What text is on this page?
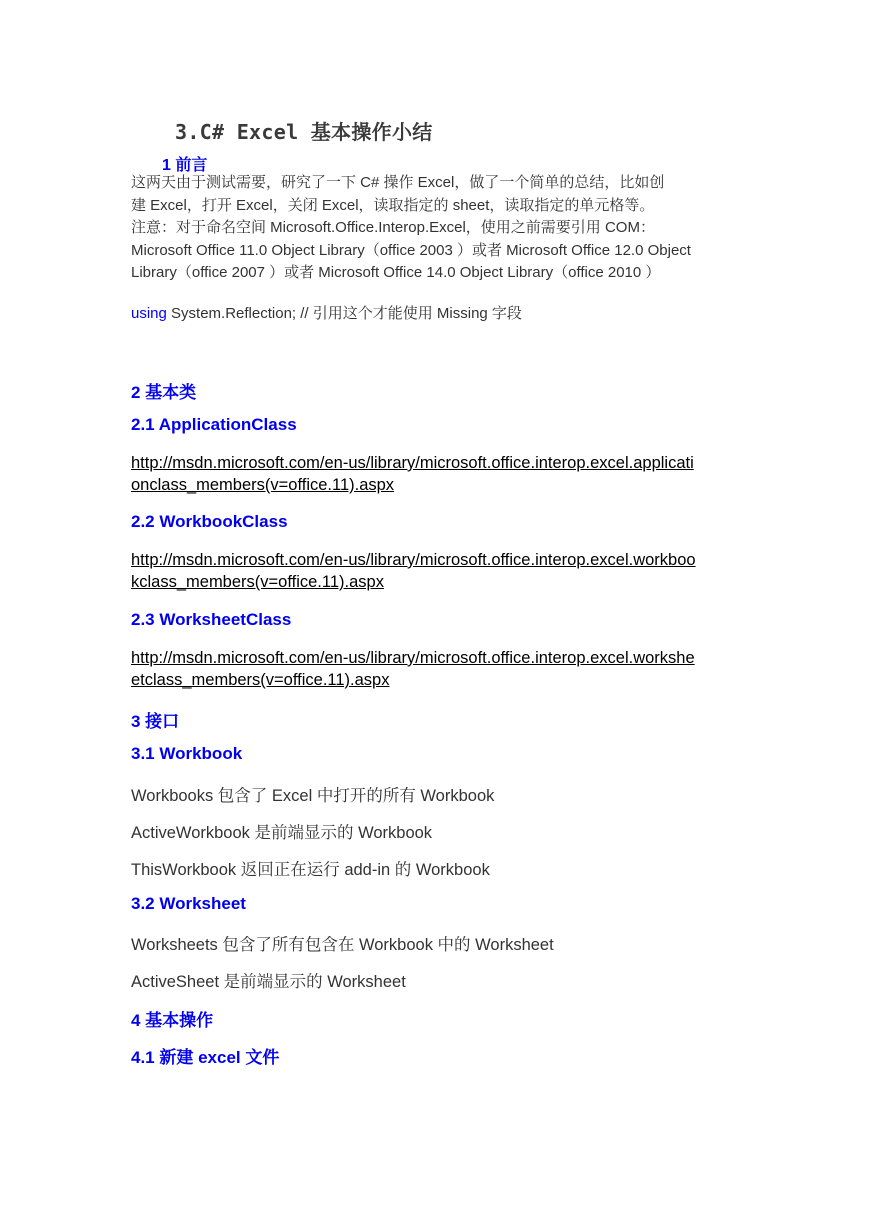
3.C# Excel 基本操作小结
1 前言
这两天由于测试需要，研究了一下 C# 操作 Excel，做了一个简单的总结，比如创
建 Excel，打开 Excel，关闭 Excel，读取指定的 sheet，读取指定的单元格等。
注意：对于命名空间 Microsoft.Office.Interop.Excel，使用之前需要引用 COM：
Microsoft Office 11.0 Object Library（office 2003 ）或者 Microsoft Office 12.0 Object
Library（office 2007 ）或者 Microsoft Office 14.0 Object Library（office 2010 ）
using System.Reflection; // 引用这个才能使用 Missing 字段
2 基本类
2.1 ApplicationClass
http://msdn.microsoft.com/en-us/library/microsoft.office.interop.excel.applicati
onclass_members(v=office.11).aspx
2.2 WorkbookClass
http://msdn.microsoft.com/en-us/library/microsoft.office.interop.excel.workboo
kclass_members(v=office.11).aspx
2.3 WorksheetClass
http://msdn.microsoft.com/en-us/library/microsoft.office.interop.excel.workshe
etclass_members(v=office.11).aspx
3 接口
3.1 Workbook
Workbooks 包含了 Excel 中打开的所有 Workbook
ActiveWorkbook 是前端显示的 Workbook
ThisWorkbook 返回正在运行 add-in 的 Workbook
3.2 Worksheet
Worksheets 包含了所有包含在 Workbook 中的 Worksheet
ActiveSheet 是前端显示的 Worksheet
4 基本操作
4.1 新建 excel 文件
